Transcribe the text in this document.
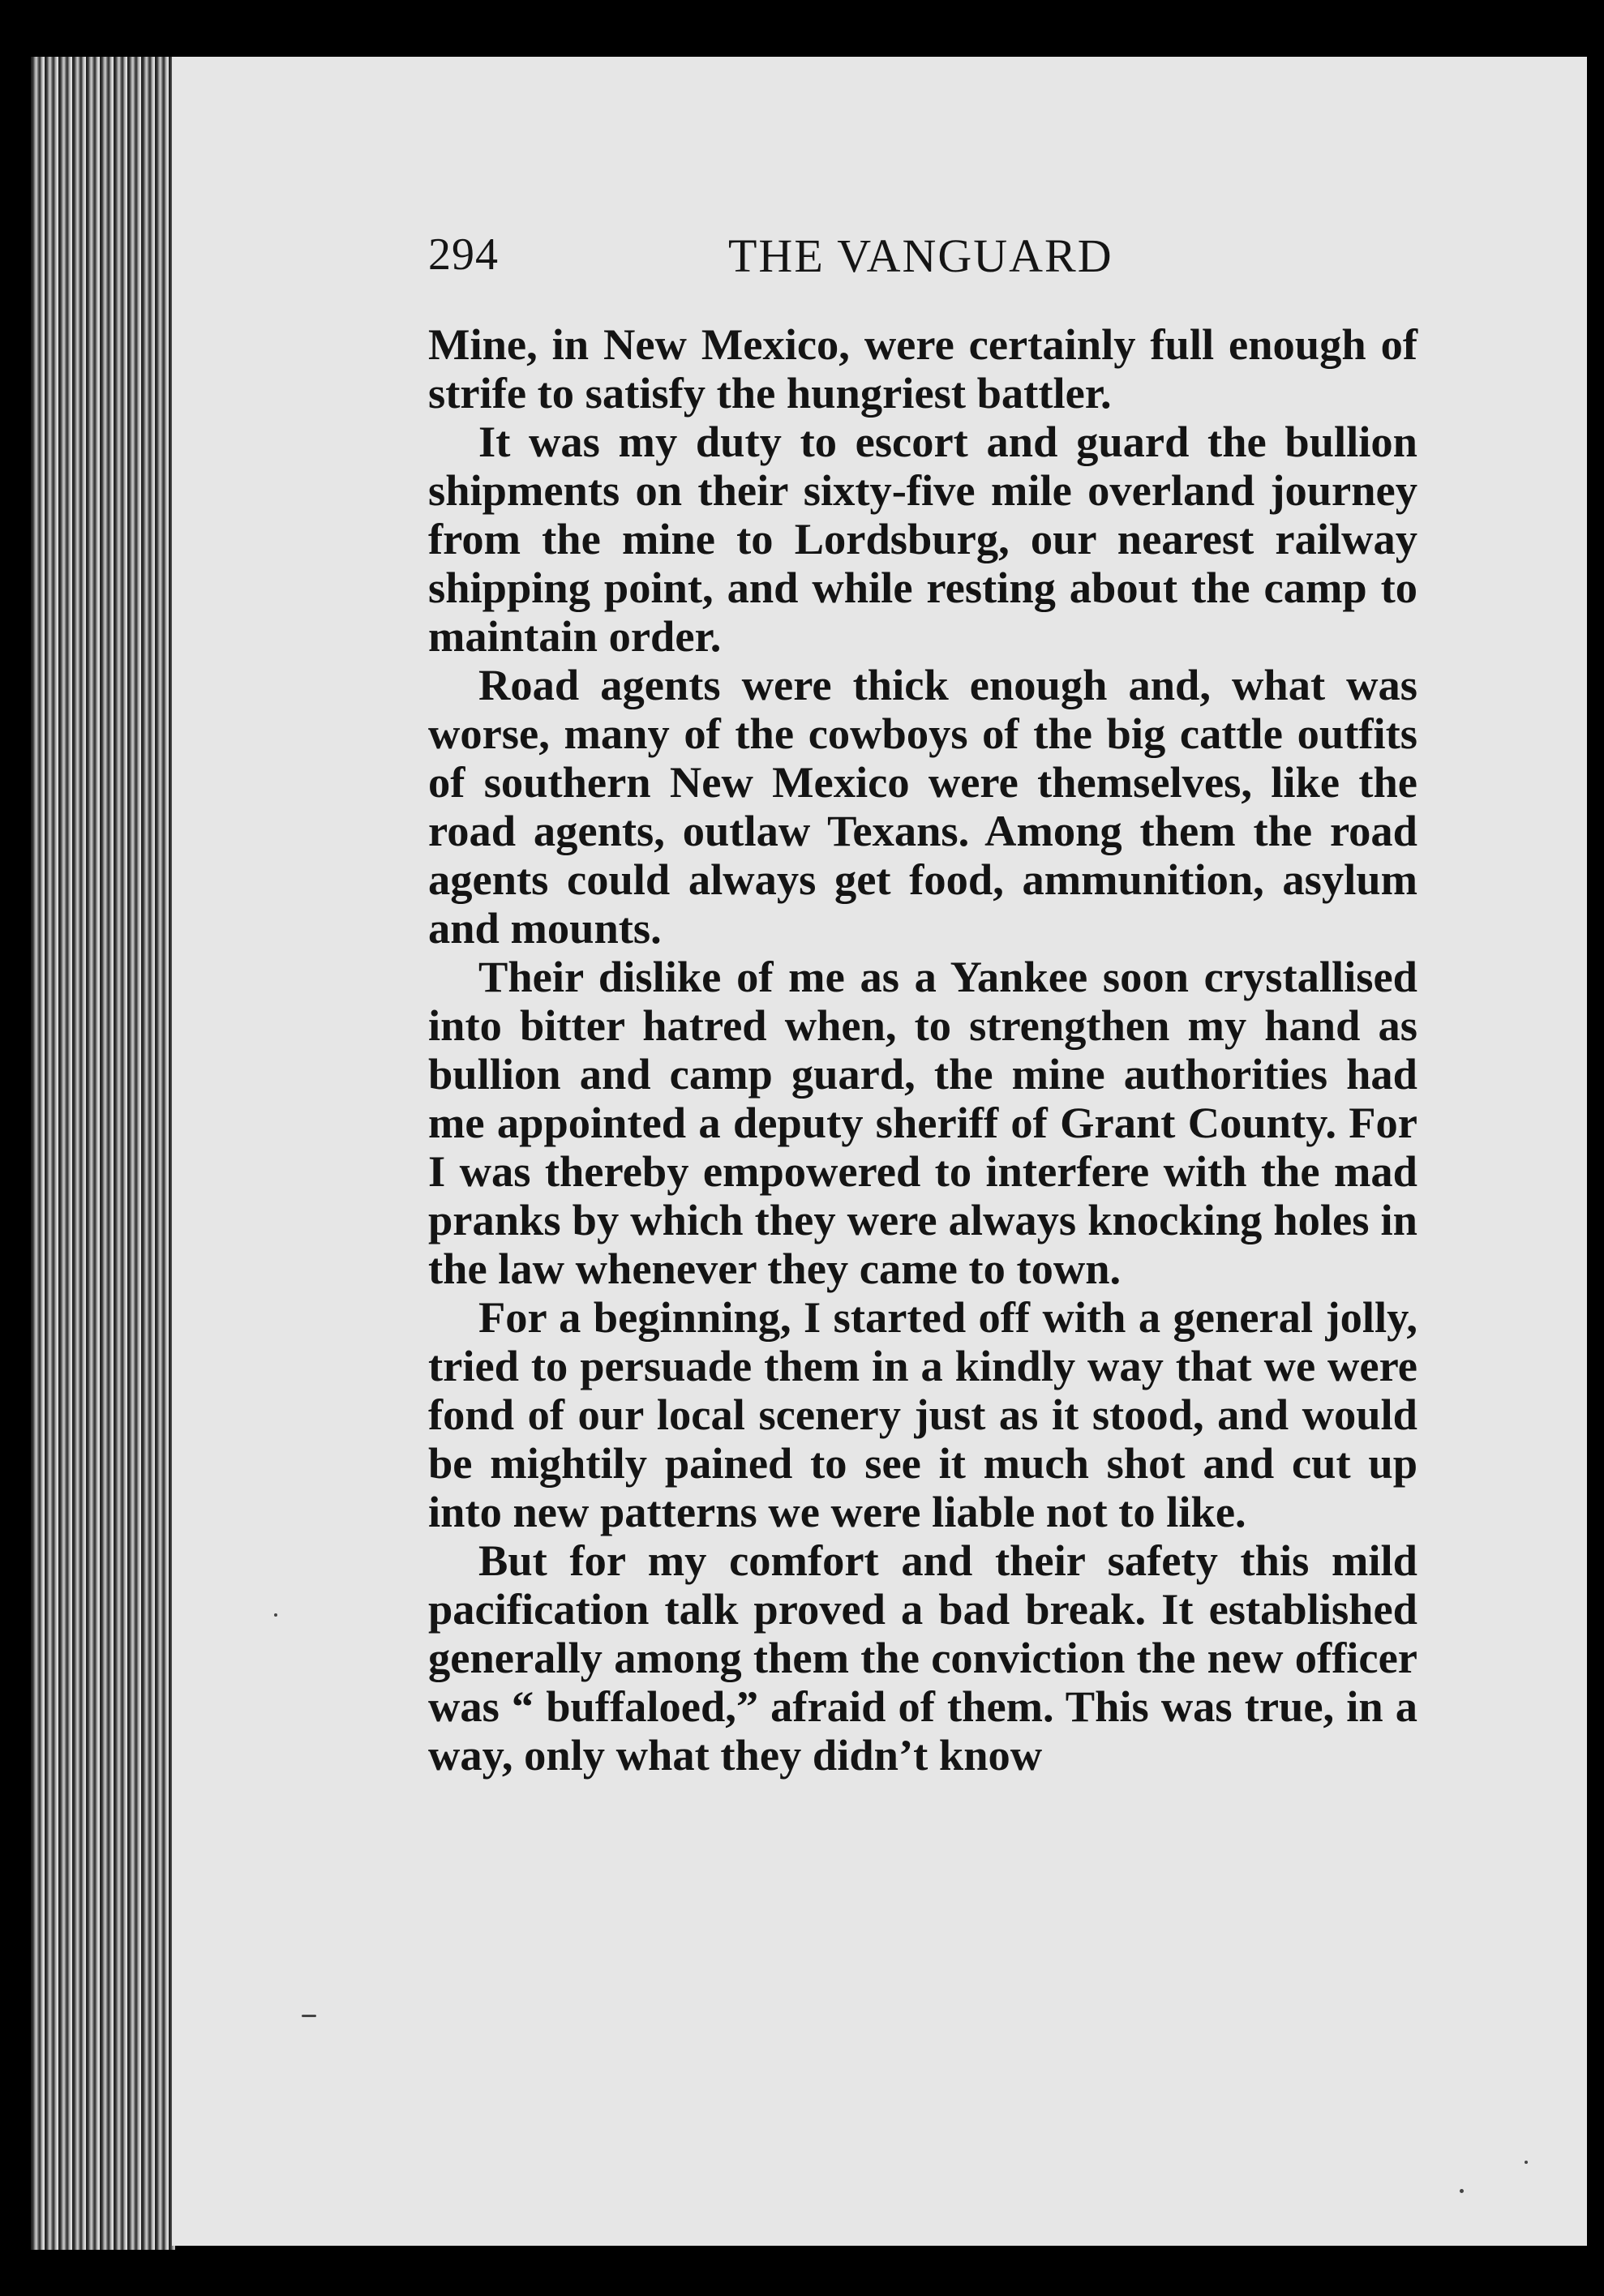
294	THE VANGUARD

Mine, in New Mexico, were certainly full enough of strife to satisfy the hungriest battler.

It was my duty to escort and guard the bullion shipments on their sixty-five mile overland journey from the mine to Lordsburg, our nearest railway shipping point, and while resting about the camp to maintain order.

Road agents were thick enough and, what was worse, many of the cowboys of the big cattle outfits of southern New Mexico were themselves, like the road agents, outlaw Texans. Among them the road agents could always get food, ammunition, asylum and mounts.

Their dislike of me as a Yankee soon crystallised into bitter hatred when, to strengthen my hand as bullion and camp guard, the mine authorities had me appointed a deputy sheriff of Grant County. For I was thereby empowered to interfere with the mad pranks by which they were always knocking holes in the law whenever they came to town.

For a beginning, I started off with a general jolly, tried to persuade them in a kindly way that we were fond of our local scenery just as it stood, and would be mightily pained to see it much shot and cut up into new patterns we were liable not to like.

But for my comfort and their safety this mild pacification talk proved a bad break. It established generally among them the conviction the new officer was “ buffaloed,” afraid of them. This was true, in a way, only what they didn’t know
